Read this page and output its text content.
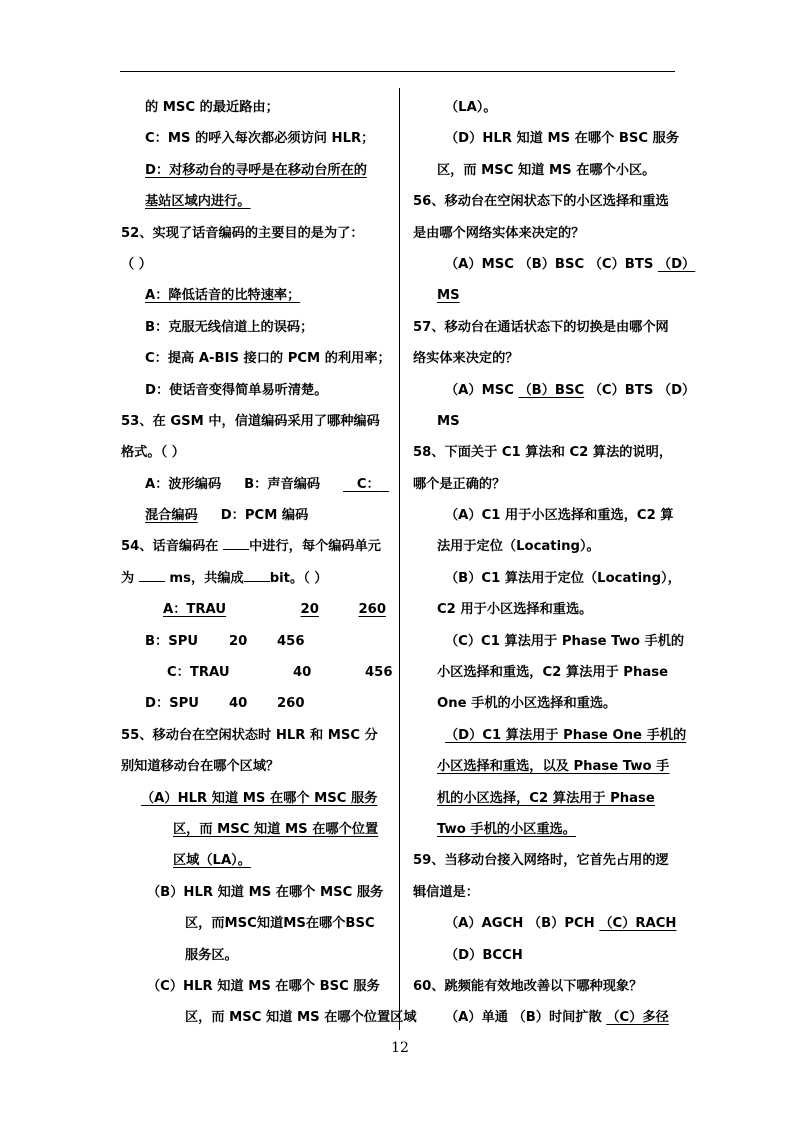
的 MSC 的最近路由；
C：MS 的呼入每次都必须访问 HLR；
D：对移动台的寻呼是在移动台所在的
基站区域内进行。
52、实现了话音编码的主要目的是为了：
（ ）
A：降低话音的比特速率；
B：克服无线信道上的误码；
C：提高 A-BIS 接口的 PCM 的利用率；
D：使话音变得简单易听清楚。
53、在 GSM 中，信道编码采用了哪种编码
格式。（ ）
A：波形编码 B：声音编码	C：
混合编码 D：PCM 编码
54、话音编码在 中进行，每个编码单元
为	ms，共编成 bit。（ ）
A：TRAU	20	260
B：SPU 20 456
C：TRAU	40	456
D：SPU 40 260
55、移动台在空闲状态时 HLR 和 MSC 分
别知道移动台在哪个区域？
（A）HLR 知道 MS 在哪个 MSC 服务
区，而 MSC 知道 MS 在哪个位置
区域（LA）。
（B）HLR 知道 MS 在哪个 MSC 服务
区，而MSC知道MS在哪个BSC
服务区。
（C）HLR 知道 MS 在哪个 BSC 服务
区，而 MSC 知道 MS 在哪个位置区域
（LA）。
（D）HLR 知道 MS 在哪个 BSC 服务
区，而 MSC 知道 MS 在哪个小区。
56、移动台在空闲状态下的小区选择和重选
是由哪个网络实体来决定的？
（A）MSC （B）BSC （C）BTS （D）
MS
57、移动台在通话状态下的切换是由哪个网
络实体来决定的？
（A）MSC （B）BSC （C）BTS （D）
MS
58、下面关于 C1 算法和 C2 算法的说明，
哪个是正确的？
（A）C1 用于小区选择和重选，C2 算
法用于定位（Locating）。
（B）C1 算法用于定位（Locating），
C2 用于小区选择和重选。
（C）C1 算法用于 Phase Two 手机的
小区选择和重选，C2 算法用于 Phase
One 手机的小区选择和重选。
（D）C1 算法用于 Phase One 手机的
小区选择和重选，以及 Phase Two 手
机的小区选择，C2 算法用于 Phase
Two 手机的小区重选。
59、当移动台接入网络时，它首先占用的逻
辑信道是：
（A）AGCH （B）PCH （C）RACH
（D）BCCH
60、跳频能有效地改善以下哪种现象？
（A）单通 （B）时间扩散 （C）多径
12
